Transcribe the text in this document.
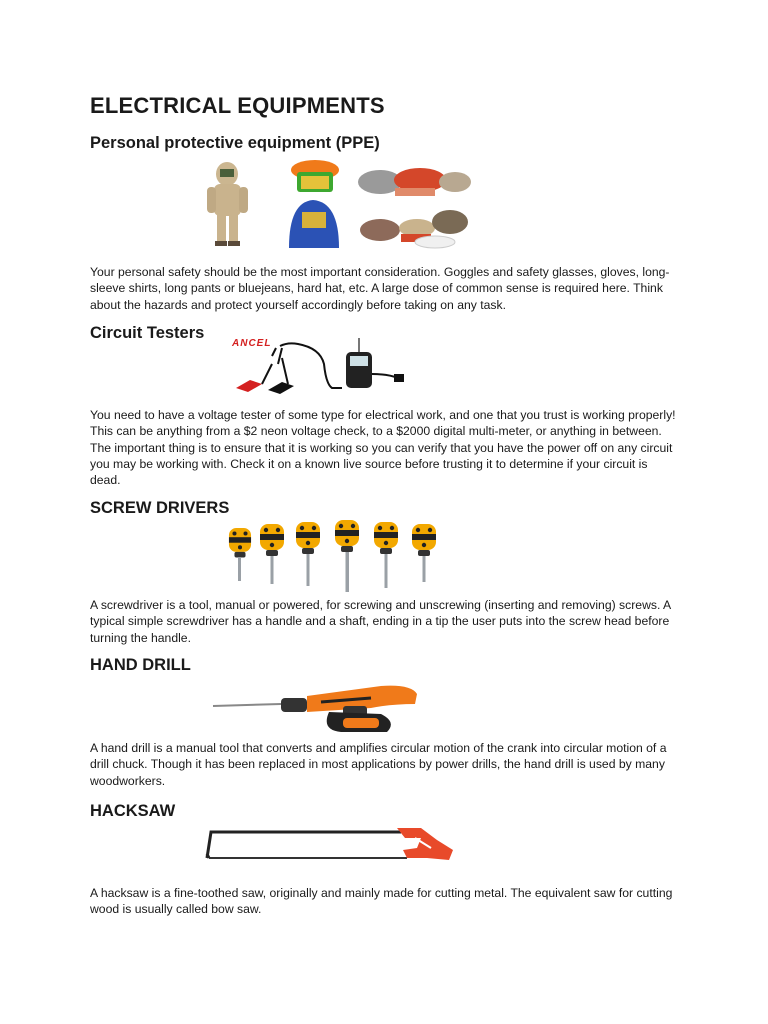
ELECTRICAL EQUIPMENTS
Personal protective equipment (PPE)

Your personal safety should be the most important consideration. Goggles and safety glasses, gloves, long-sleeve shirts, long pants or bluejeans, hard hat, etc. A large dose of common sense is required here. Think about the hazards and protect yourself accordingly before taking on any task.

Circuit Testers
ANCEL

You need to have a voltage tester of some type for electrical work, and one that you trust is working properly! This can be anything from a $2 neon voltage check, to a $2000 digital multi-meter, or anything in between. The important thing is to ensure that it is working so you can verify that you have the power off on any circuit you may be working with. Check it on a known live source before trusting it to determine if your circuit is dead.

SCREW DRIVERS

A screwdriver is a tool, manual or powered, for screwing and unscrewing (inserting and removing) screws. A typical simple screwdriver has a handle and a shaft, ending in a tip the user puts into the screw head before turning the handle.

HAND DRILL

A hand drill is a manual tool that converts and amplifies circular motion of the crank into circular motion of a drill chuck. Though it has been replaced in most applications by power drills, the hand drill is used by many woodworkers.

HACKSAW

A hacksaw is a fine-toothed saw, originally and mainly made for cutting metal. The equivalent saw for cutting wood is usually called bow saw.
